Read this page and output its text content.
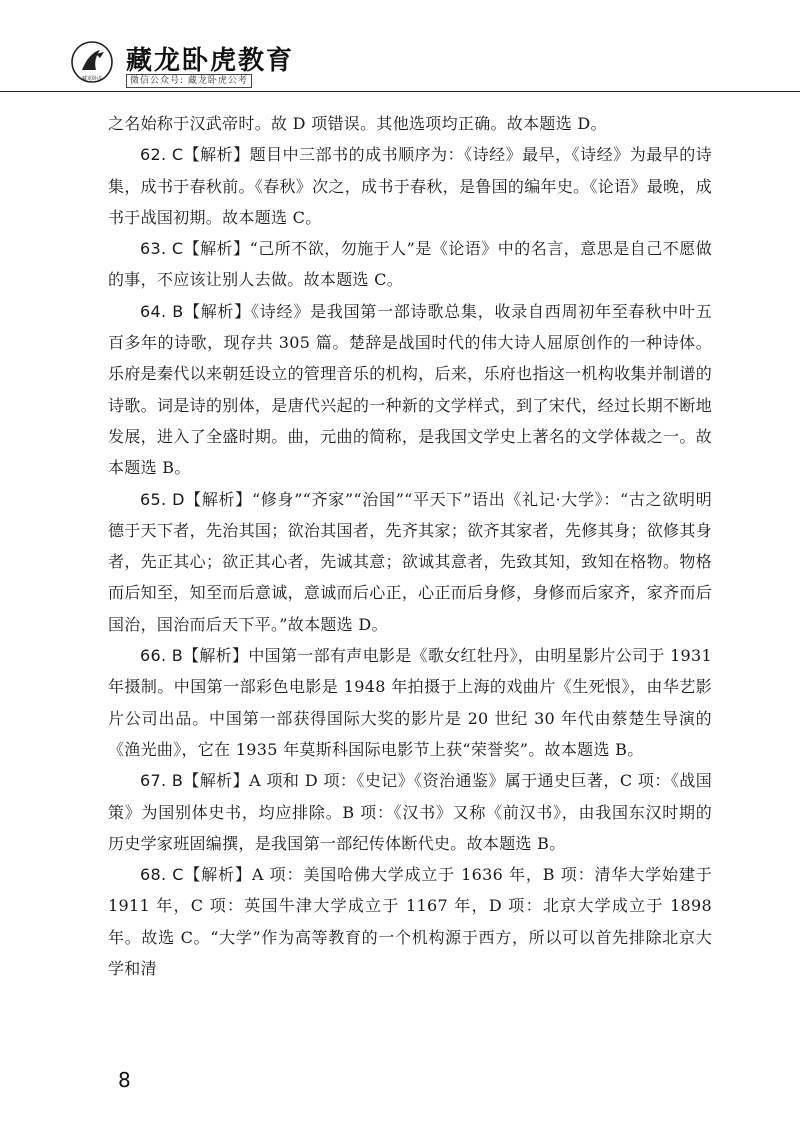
藏龙卧虎
藏龙卧虎教育
微信公众号: 藏龙卧虎公考

之名始称于汉武帝时。故 D 项错误。其他选项均正确。故本题选 D。

62. C【解析】题目中三部书的成书顺序为：《诗经》最早，《诗经》为最早的诗集，成书于春秋前。《春秋》次之，成书于春秋，是鲁国的编年史。《论语》最晚，成书于战国初期。故本题选 C。

63. C【解析】“己所不欲，勿施于人”是《论语》中的名言，意思是自己不愿做的事，不应该让别人去做。故本题选 C。

64. B【解析】《诗经》是我国第一部诗歌总集，收录自西周初年至春秋中叶五百多年的诗歌，现存共 305 篇。楚辞是战国时代的伟大诗人屈原创作的一种诗体。乐府是秦代以来朝廷设立的管理音乐的机构，后来，乐府也指这一机构收集并制谱的诗歌。词是诗的别体，是唐代兴起的一种新的文学样式，到了宋代，经过长期不断地发展，进入了全盛时期。曲，元曲的简称，是我国文学史上著名的文学体裁之一。故本题选 B。

65. D【解析】“修身”“齐家”“治国”“平天下”语出《礼记·大学》：“古之欲明明德于天下者，先治其国；欲治其国者，先齐其家；欲齐其家者，先修其身；欲修其身者，先正其心；欲正其心者，先诚其意；欲诚其意者，先致其知，致知在格物。物格而后知至，知至而后意诚，意诚而后心正，心正而后身修，身修而后家齐，家齐而后国治，国治而后天下平。”故本题选 D。

66. B【解析】中国第一部有声电影是《歌女红牡丹》，由明星影片公司于 1931 年摄制。中国第一部彩色电影是 1948 年拍摄于上海的戏曲片《生死恨》，由华艺影片公司出品。中国第一部获得国际大奖的影片是 20 世纪 30 年代由蔡楚生导演的《渔光曲》，它在 1935 年莫斯科国际电影节上获“荣誉奖”。故本题选 B。

67. B【解析】A 项和 D 项：《史记》《资治通鉴》属于通史巨著，C 项：《战国策》为国别体史书，均应排除。B 项：《汉书》又称《前汉书》，由我国东汉时期的历史学家班固编撰，是我国第一部纪传体断代史。故本题选 B。

68. C【解析】A 项：美国哈佛大学成立于 1636 年，B 项：清华大学始建于 1911 年，C 项：英国牛津大学成立于 1167 年，D 项：北京大学成立于 1898 年。故选 C。“大学”作为高等教育的一个机构源于西方，所以可以首先排除北京大学和清

8
